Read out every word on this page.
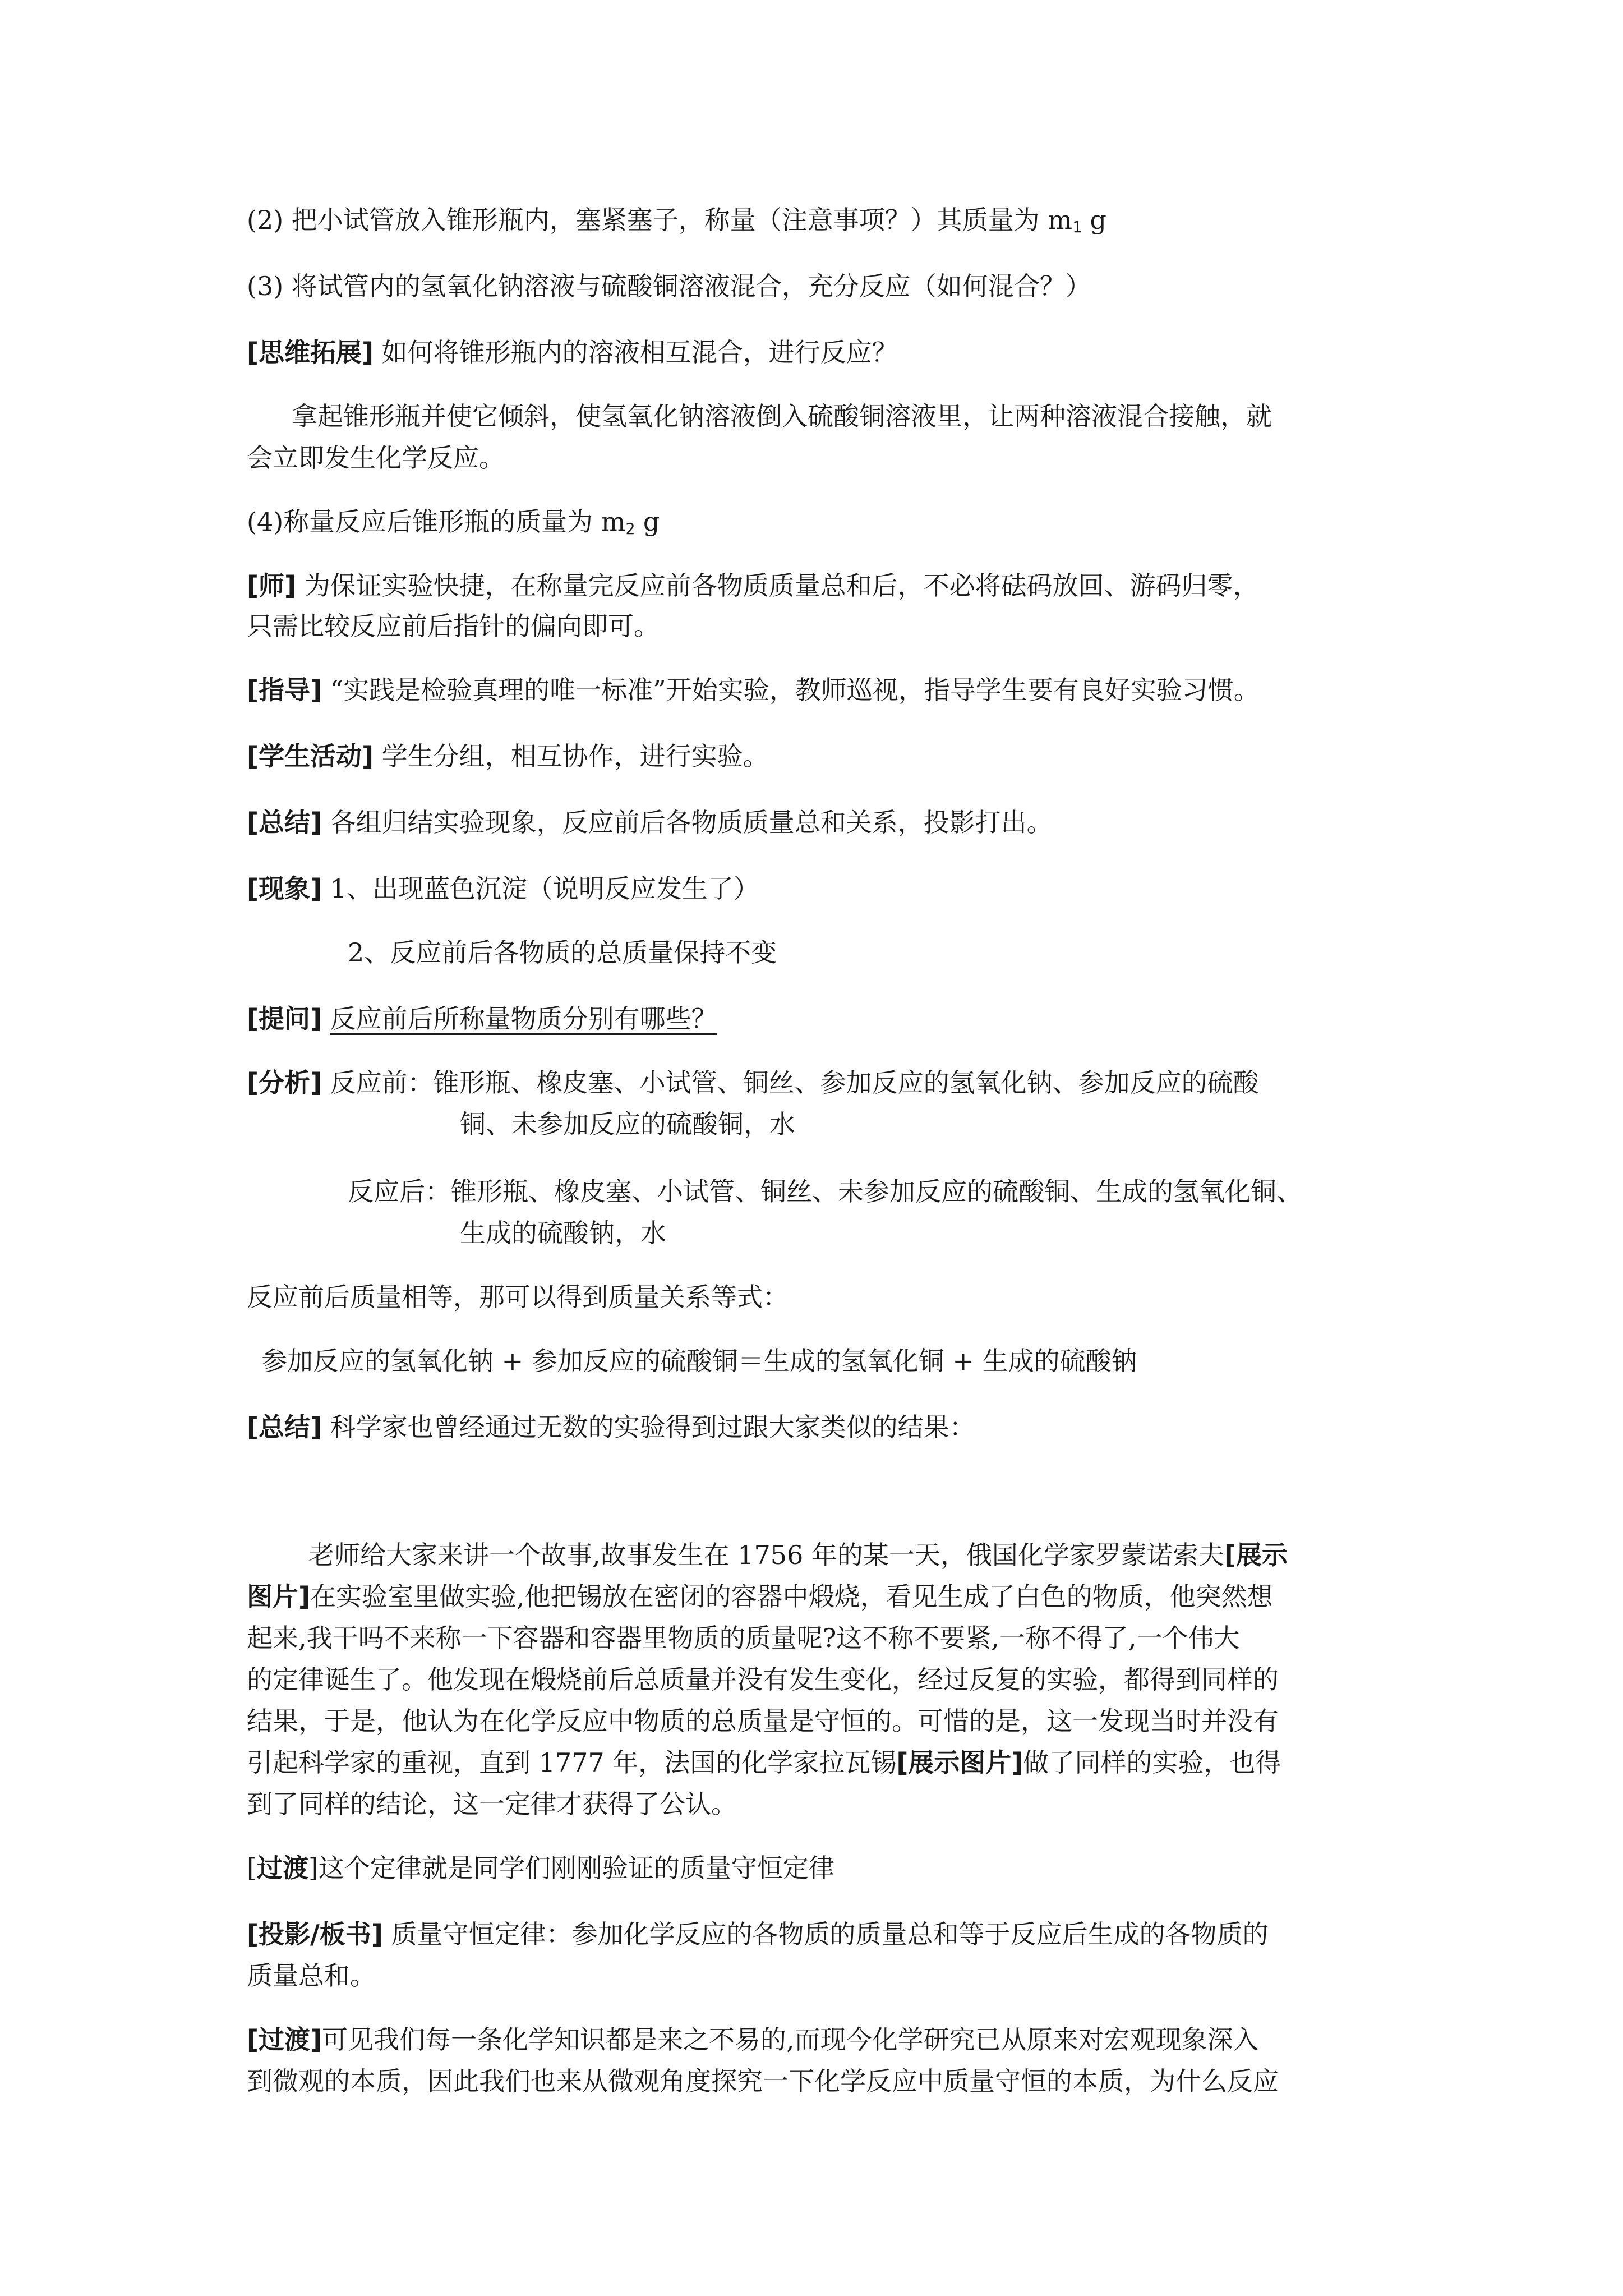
(2) 把小试管放入锥形瓶内，塞紧塞子，称量（注意事项？）其质量为 $m_1$ g
(3) 将试管内的氢氧化钠溶液与硫酸铜溶液混合，充分反应（如何混合？）
[思维拓展] 如何将锥形瓶内的溶液相互混合，进行反应？
拿起锥形瓶并使它倾斜，使氢氧化钠溶液倒入硫酸铜溶液里，让两种溶液混合接触，就
会立即发生化学反应。
(4)称量反应后锥形瓶的质量为 $m_2$ g
[师] 为保证实验快捷，在称量完反应前各物质质量总和后，不必将砝码放回、游码归零，
只需比较反应前后指针的偏向即可。
[指导] “实践是检验真理的唯一标准”开始实验，教师巡视，指导学生要有良好实验习惯。
[学生活动] 学生分组，相互协作，进行实验。
[总结] 各组归结实验现象，反应前后各物质质量总和关系，投影打出。
[现象] 1、出现蓝色沉淀（说明反应发生了）
2、反应前后各物质的总质量保持不变
[提问] 反应前后所称量物质分别有哪些？
[分析] 反应前：锥形瓶、橡皮塞、小试管、铜丝、参加反应的氢氧化钠、参加反应的硫酸
铜、未参加反应的硫酸铜，水
反应后：锥形瓶、橡皮塞、小试管、铜丝、未参加反应的硫酸铜、生成的氢氧化铜、
生成的硫酸钠，水
反应前后质量相等，那可以得到质量关系等式：
参加反应的氢氧化钠 + 参加反应的硫酸铜＝生成的氢氧化铜 + 生成的硫酸钠
[总结] 科学家也曾经通过无数的实验得到过跟大家类似的结果：
老师给大家来讲一个故事,故事发生在 1756 年的某一天，俄国化学家罗蒙诺索夫[展示
图片]在实验室里做实验,他把锡放在密闭的容器中煅烧，看见生成了白色的物质，他突然想
起来,我干吗不来称一下容器和容器里物质的质量呢?这不称不要紧,一称不得了,一个伟大
的定律诞生了。他发现在煅烧前后总质量并没有发生变化，经过反复的实验，都得到同样的
结果，于是，他认为在化学反应中物质的总质量是守恒的。可惜的是，这一发现当时并没有
引起科学家的重视，直到 1777 年，法国的化学家拉瓦锡[展示图片]做了同样的实验，也得
到了同样的结论，这一定律才获得了公认。
[过渡]这个定律就是同学们刚刚验证的质量守恒定律
[投影/板书] 质量守恒定律：参加化学反应的各物质的质量总和等于反应后生成的各物质的
质量总和。
[过渡]可见我们每一条化学知识都是来之不易的,而现今化学研究已从原来对宏观现象深入
到微观的本质，因此我们也来从微观角度探究一下化学反应中质量守恒的本质，为什么反应
